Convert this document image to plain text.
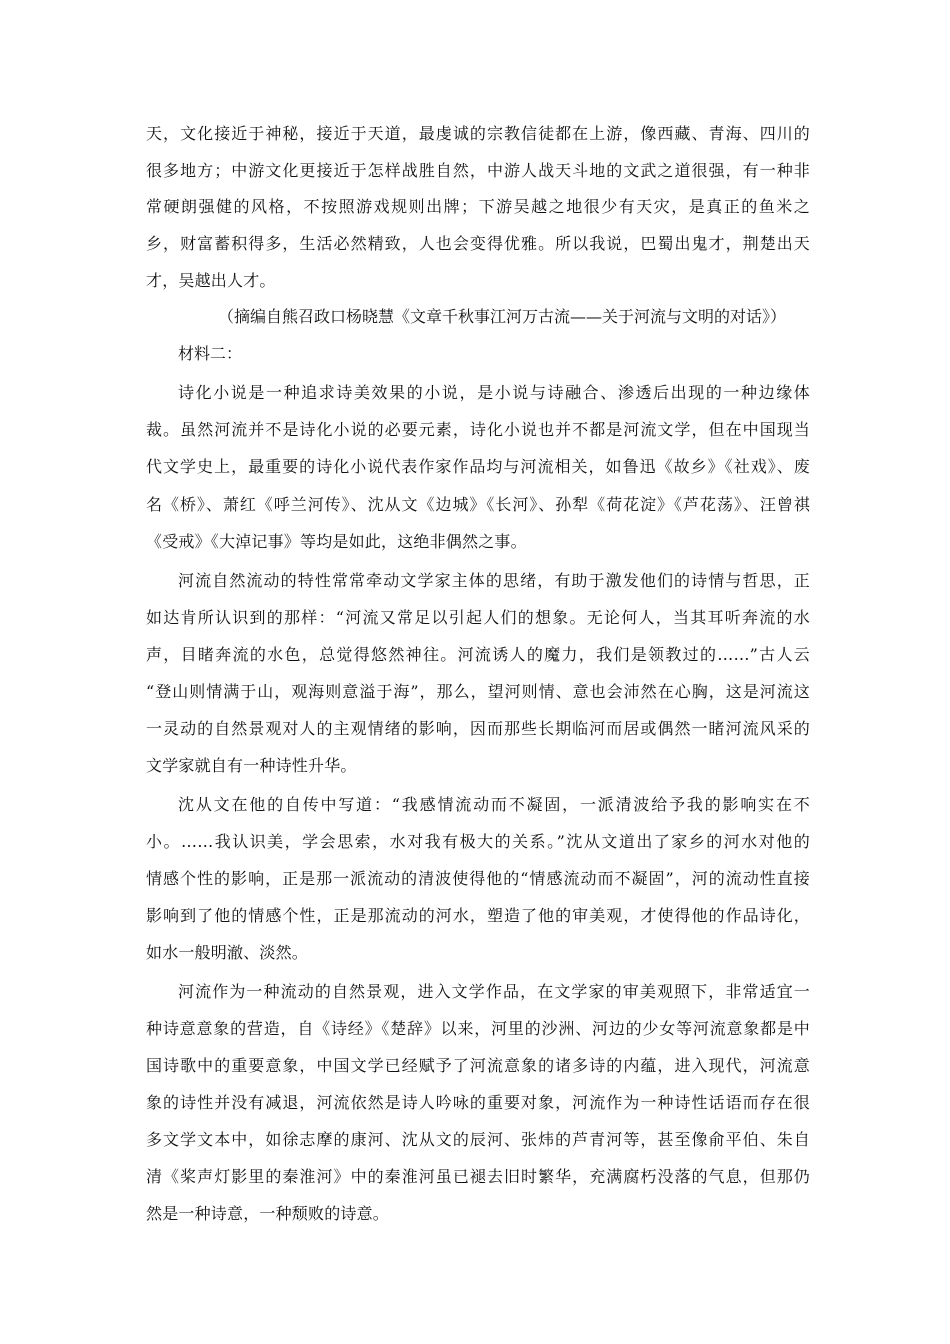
天，文化接近于神秘，接近于天道，最虔诚的宗教信徒都在上游，像西藏、青海、四川的
很多地方；中游文化更接近于怎样战胜自然，中游人战天斗地的文武之道很强，有一种非
常硬朗强健的风格，不按照游戏规则出牌；下游吴越之地很少有天灾，是真正的鱼米之
乡，财富蓄积得多，生活必然精致，人也会变得优雅。所以我说，巴蜀出鬼才，荆楚出天
才，吴越出人才。
（摘编自熊召政口杨晓慧《文章千秋事江河万古流——关于河流与文明的对话》）
材料二：
诗化小说是一种追求诗美效果的小说，是小说与诗融合、渗透后出现的一种边缘体
裁。虽然河流并不是诗化小说的必要元素，诗化小说也并不都是河流文学，但在中国现当
代文学史上，最重要的诗化小说代表作家作品均与河流相关，如鲁迅《故乡》《社戏》、废
名《桥》、萧红《呼兰河传》、沈从文《边城》《长河》、孙犁《荷花淀》《芦花荡》、汪曾祺
《受戒》《大淖记事》等均是如此，这绝非偶然之事。
河流自然流动的特性常常牵动文学家主体的思绪，有助于激发他们的诗情与哲思，正
如达肯所认识到的那样：“河流又常足以引起人们的想象。无论何人，当其耳听奔流的水
声，目睹奔流的水色，总觉得悠然神往。河流诱人的魔力，我们是领教过的……”古人云
“登山则情满于山，观海则意溢于海”，那么，望河则情、意也会沛然在心胸，这是河流这
一灵动的自然景观对人的主观情绪的影响，因而那些长期临河而居或偶然一睹河流风采的
文学家就自有一种诗性升华。
沈从文在他的自传中写道：“我感情流动而不凝固，一派清波给予我的影响实在不
小。……我认识美，学会思索，水对我有极大的关系。”沈从文道出了家乡的河水对他的
情感个性的影响，正是那一派流动的清波使得他的“情感流动而不凝固”，河的流动性直接
影响到了他的情感个性，正是那流动的河水，塑造了他的审美观，才使得他的作品诗化，
如水一般明澈、淡然。
河流作为一种流动的自然景观，进入文学作品，在文学家的审美观照下，非常适宜一
种诗意意象的营造，自《诗经》《楚辞》以来，河里的沙洲、河边的少女等河流意象都是中
国诗歌中的重要意象，中国文学已经赋予了河流意象的诸多诗的内蕴，进入现代，河流意
象的诗性并没有减退，河流依然是诗人吟咏的重要对象，河流作为一种诗性话语而存在很
多文学文本中，如徐志摩的康河、沈从文的辰河、张炜的芦青河等，甚至像俞平伯、朱自
清《桨声灯影里的秦淮河》中的秦淮河虽已褪去旧时繁华，充满腐朽没落的气息，但那仍
然是一种诗意，一种颓败的诗意。
